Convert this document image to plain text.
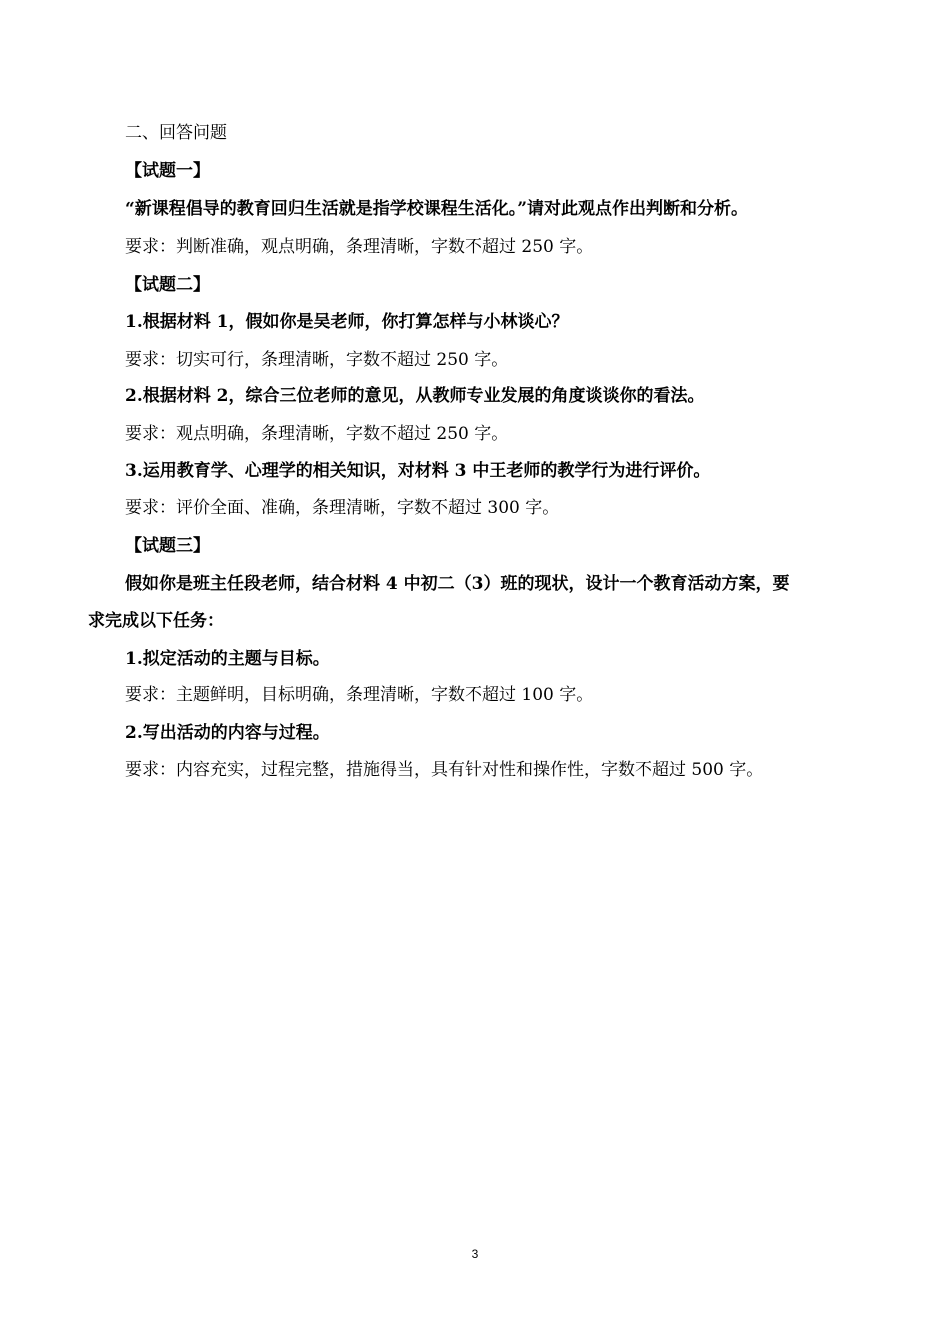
二、回答问题
【试题一】
“新课程倡导的教育回归生活就是指学校课程生活化。”请对此观点作出判断和分析。
要求：判断准确，观点明确，条理清晰，字数不超过 250 字。
【试题二】
1.根据材料 1，假如你是吴老师，你打算怎样与小林谈心？
要求：切实可行，条理清晰，字数不超过 250 字。
2.根据材料 2，综合三位老师的意见，从教师专业发展的角度谈谈你的看法。
要求：观点明确，条理清晰，字数不超过 250 字。
3.运用教育学、心理学的相关知识，对材料 3 中王老师的教学行为进行评价。
要求：评价全面、准确，条理清晰，字数不超过 300 字。
【试题三】
假如你是班主任段老师，结合材料 4 中初二（3）班的现状，设计一个教育活动方案，要
求完成以下任务：
1.拟定活动的主题与目标。
要求：主题鲜明，目标明确，条理清晰，字数不超过 100 字。
2.写出活动的内容与过程。
要求：内容充实，过程完整，措施得当，具有针对性和操作性，字数不超过 500 字。
3
